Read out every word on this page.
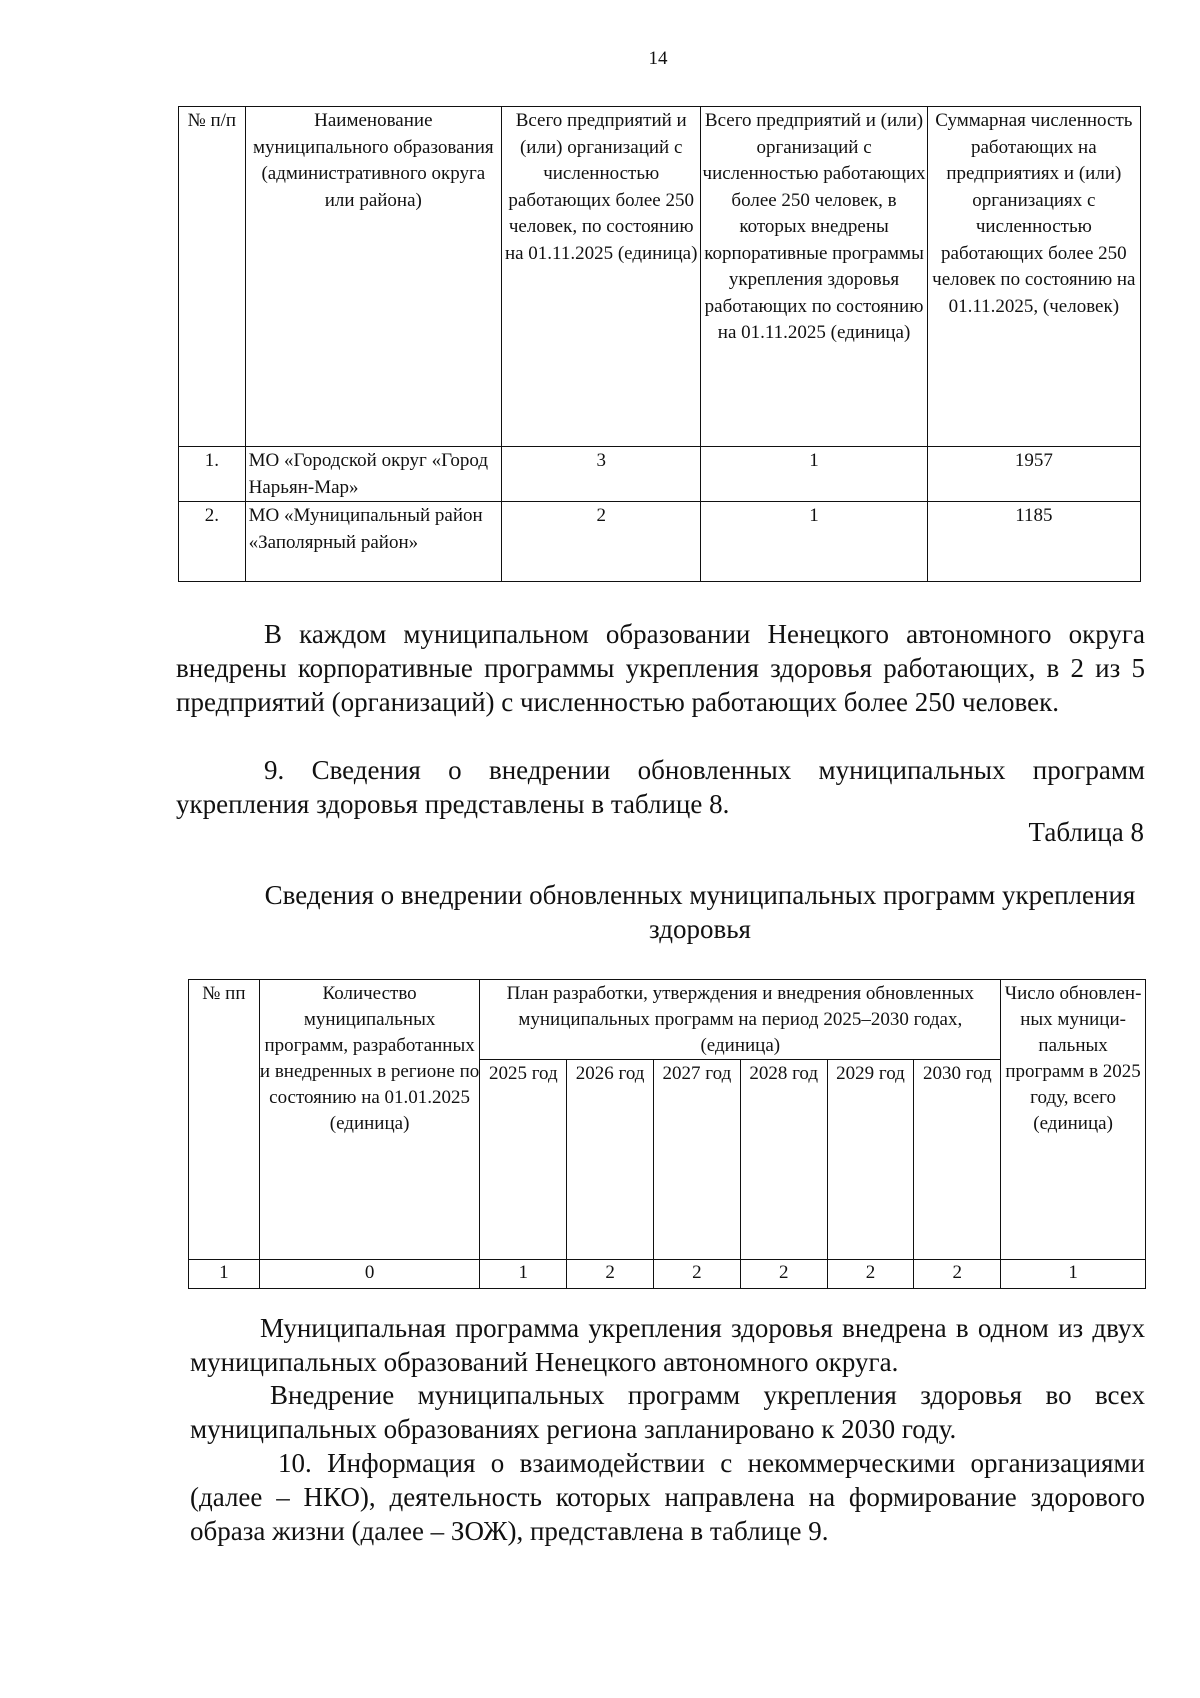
14
№ п/п	Наименование муниципального образования (административного округа или района)	Всего предприятий и (или) организаций с численностью работающих более 250 человек, по состоянию на 01.11.2025 (единица)	Всего предприятий и (или) организаций с численностью работающих более 250 человек, в которых внедрены корпоративные программы укрепления здоровья работающих по состоянию на 01.11.2025 (единица)	Суммарная численность работающих на предприятиях и (или) организациях с численностью работающих более 250 человек по состоянию на 01.11.2025, (человек)
1.	МО «Городской округ «Город Нарьян-Мар»	3	1	1957
2.	МО «Муниципальный район «Заполярный район»	2	1	1185

В каждом муниципальном образовании Ненецкого автономного округа внедрены корпоративные программы укрепления здоровья работающих, в 2 из 5 предприятий (организаций) с численностью работающих более 250 человек.

9. Сведения о внедрении обновленных муниципальных программ укрепления здоровья представлены в таблице 8.

Таблица 8

Сведения о внедрении обновленных муниципальных программ укрепления здоровья

№ пп	Количество муниципальных программ, разработанных и внедренных в регионе по состоянию на 01.01.2025 (единица)	План разработки, утверждения и внедрения обновленных муниципальных программ на период 2025–2030 годах, (единица)						Число обновлен- ных муници- пальных программ в 2025 году, всего (единица)
		2025 год	2026 год	2027 год	2028 год	2029 год	2030 год	
1	0	1	2	2	2	2	2	1

Муниципальная программа укрепления здоровья внедрена в одном из двух муниципальных образований Ненецкого автономного округа.

Внедрение муниципальных программ укрепления здоровья во всех муниципальных образованиях региона запланировано к 2030 году.

10. Информация о взаимодействии с некоммерческими организациями (далее – НКО), деятельность которых направлена на формирование здорового образа жизни (далее – ЗОЖ), представлена в таблице 9.
